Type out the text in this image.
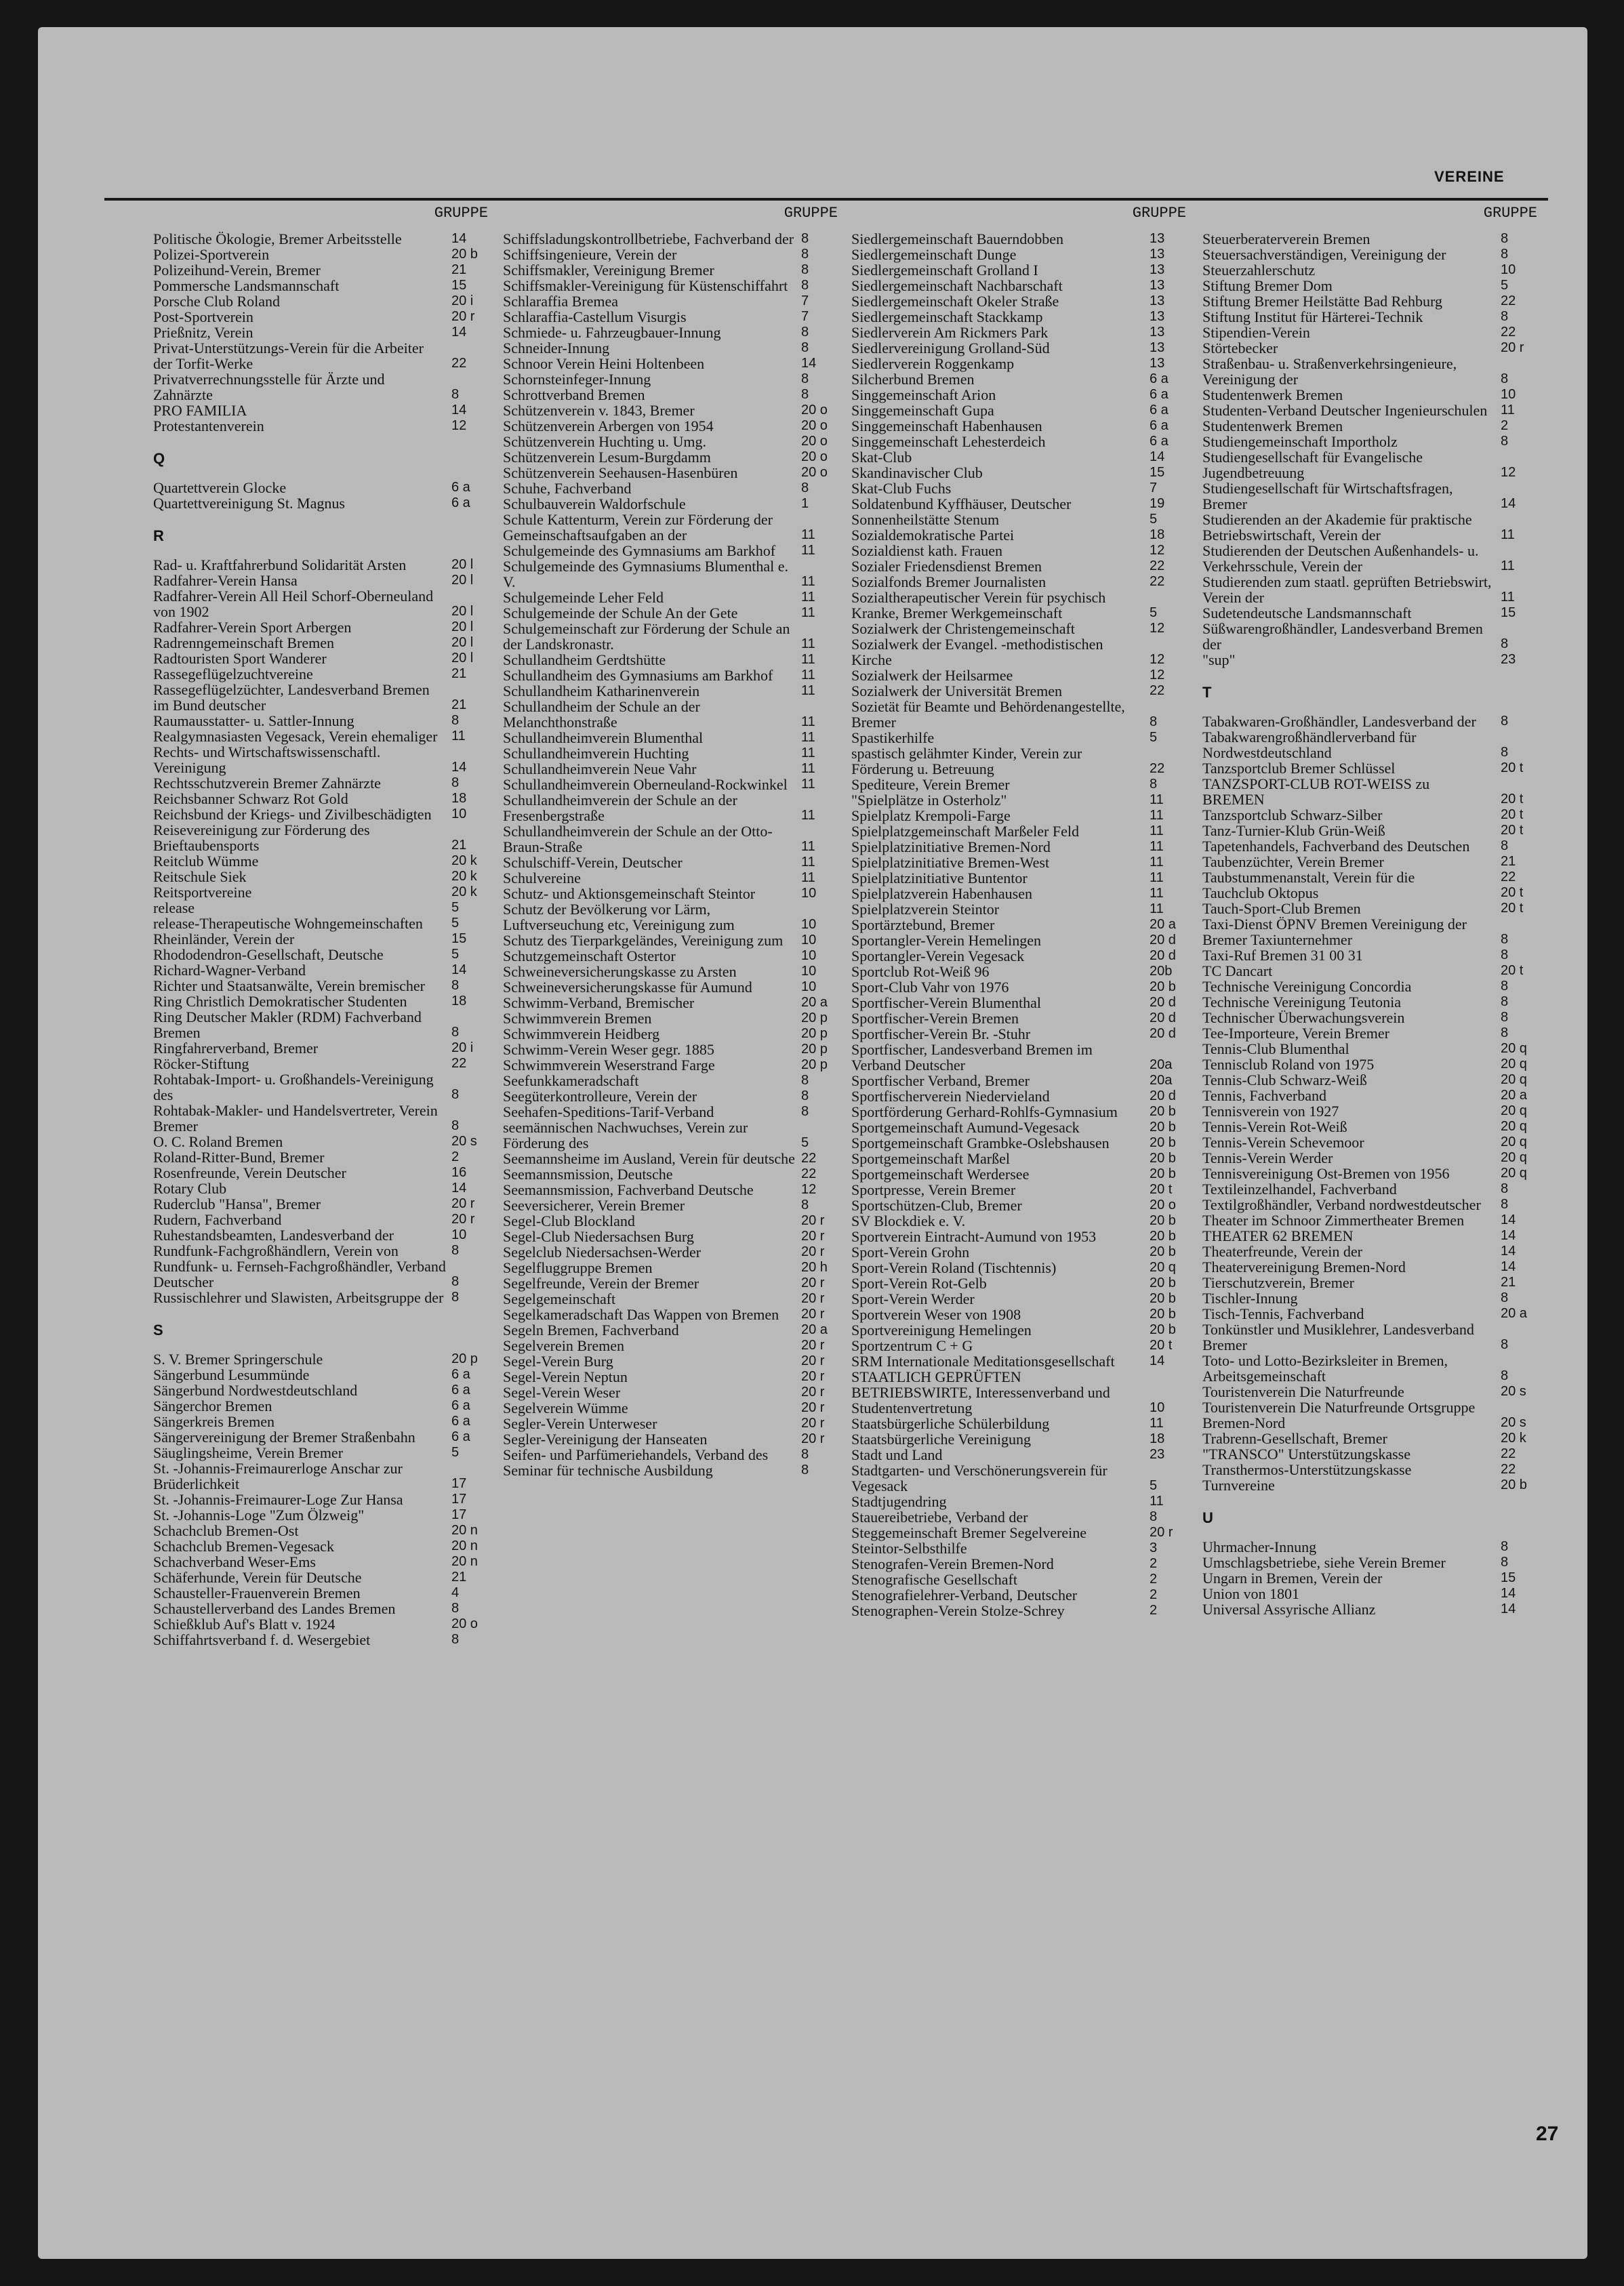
VEREINE
GRUPPE
Politische Ökologie, Bremer Arbeitsstelle	14
Polizei-Sportverein	20 b
Polizeihund-Verein, Bremer	21
Pommersche Landsmannschaft	15
Porsche Club Roland	20 i
Post-Sportverein	20 r
Prießnitz, Verein	14
Privat-Unterstützungs-Verein für die Arbeiter der Torfit-Werke	22
Privatverrechnungsstelle für Ärzte und Zahnärzte	8
PRO FAMILIA	14
Protestantenverein	12
Q
Quartettverein Glocke	6 a
Quartettvereinigung St. Magnus	6 a
R
Rad- u. Kraftfahrerbund Solidarität Arsten	20 l
Radfahrer-Verein Hansa	20 l
Radfahrer-Verein All Heil Schorf-Oberneuland von 1902	20 l
Radfahrer-Verein Sport Arbergen	20 l
Radrenngemeinschaft Bremen	20 l
Radtouristen Sport Wanderer	20 l
Rassegeflügelzuchtvereine	21
Rassegeflügelzüchter, Landesverband Bremen im Bund deutscher	21
Raumausstatter- u. Sattler-Innung	8
Realgymnasiasten Vegesack, Verein ehemaliger	11
Rechts- und Wirtschaftswissenschaftl. Vereinigung	14
Rechtsschutzverein Bremer Zahnärzte	8
Reichsbanner Schwarz Rot Gold	18
Reichsbund der Kriegs- und Zivilbeschädigten	10
Reisevereinigung zur Förderung des Brieftaubensports	21
Reitclub Wümme	20 k
Reitschule Siek	20 k
Reitsportvereine	20 k
release	5
release-Therapeutische Wohngemeinschaften	5
Rheinländer, Verein der	15
Rhododendron-Gesellschaft, Deutsche	5
Richard-Wagner-Verband	14
Richter und Staatsanwälte, Verein bremischer	8
Ring Christlich Demokratischer Studenten	18
Ring Deutscher Makler (RDM) Fachverband Bremen	8
Ringfahrerverband, Bremer	20 i
Röcker-Stiftung	22
Rohtabak-Import- u. Großhandels-Vereinigung des	8
Rohtabak-Makler- und Handelsvertreter, Verein Bremer	8
O. C. Roland Bremen	20 s
Roland-Ritter-Bund, Bremer	2
Rosenfreunde, Verein Deutscher	16
Rotary Club	14
Ruderclub "Hansa", Bremer	20 r
Rudern, Fachverband	20 r
Ruhestandsbeamten, Landesverband der	10
Rundfunk-Fachgroßhändlern, Verein von	8
Rundfunk- u. Fernseh-Fachgroßhändler, Verband Deutscher	8
Russischlehrer und Slawisten, Arbeitsgruppe der 8
S
S. V. Bremer Springerschule	20 p
Sängerbund Lesummünde	6 a
Sängerbund Nordwestdeutschland	6 a
Sängerchor Bremen	6 a
Sängerkreis Bremen	6 a
Sängervereinigung der Bremer Straßenbahn	6 a
Säuglingsheime, Verein Bremer	5
St. -Johannis-Freimaurerloge Anschar zur Brüderlichkeit	17
St. -Johannis-Freimaurer-Loge Zur Hansa	17
St. -Johannis-Loge "Zum Ölzweig"	17
Schachclub Bremen-Ost	20 n
Schachclub Bremen-Vegesack	20 n
Schachverband Weser-Ems	20 n
Schäferhunde, Verein für Deutsche	21
Schausteller-Frauenverein Bremen	4
Schaustellerverband des Landes Bremen	8
Schießklub Auf's Blatt v. 1924	20 o
Schiffahrtsverband f. d. Wesergebiet	8
GRUPPE
Schiffsladungskontrollbetriebe, Fachverband der 8
Schiffsingenieure, Verein der	8
Schiffsmakler, Vereinigung Bremer	8
Schiffsmakler-Vereinigung für Küstenschiffahrt 8
Schlaraffia Bremea	7
Schlaraffia-Castellum Visurgis	7
Schmiede- u. Fahrzeugbauer-Innung	8
Schneider-Innung	8
Schnoor Verein Heini Holtenbeen	14
Schornsteinfeger-Innung	8
Schrottverband Bremen	8
Schützenverein v. 1843, Bremer	20 o
Schützenverein Arbergen von 1954	20 o
Schützenverein Huchting u. Umg.	20 o
Schützenverein Lesum-Burgdamm	20 o
Schützenverein Seehausen-Hasenbüren	20 o
Schuhe, Fachverband	8
Schulbauverein Waldorfschule	1
Schule Kattenturm, Verein zur Förderung der Gemeinschaftsaufgaben an der	11
Schulgemeinde des Gymnasiums am Barkhof	11
Schulgemeinde des Gymnasiums Blumenthal e. V.	11
Schulgemeinde Leher Feld	11
Schulgemeinde der Schule An der Gete	11
Schulgemeinschaft zur Förderung der Schule an der Landskronastr.	11
Schullandheim Gerdtshütte	11
Schullandheim des Gymnasiums am Barkhof	11
Schullandheim Katharinenverein	11
Schullandheim der Schule an der Melanchthonstraße	11
Schullandheimverein Blumenthal	11
Schullandheimverein Huchting	11
Schullandheimverein Neue Vahr	11
Schullandheimverein Oberneuland-Rockwinkel	11
Schullandheimverein der Schule an der Fresenbergstraße	11
Schullandheimverein der Schule an der Otto-Braun-Straße	11
Schulschiff-Verein, Deutscher	11
Schulvereine	11
Schutz- und Aktionsgemeinschaft Steintor	10
Schutz der Bevölkerung vor Lärm, Luftverseuchung etc, Vereinigung zum	10
Schutz des Tierparkgeländes, Vereinigung zum	10
Schutzgemeinschaft Ostertor	10
Schweineversicherungskasse zu Arsten	10
Schweineversicherungskasse für Aumund	10
Schwimm-Verband, Bremischer	20 a
Schwimmverein Bremen	20 p
Schwimmverein Heidberg	20 p
Schwimm-Verein Weser gegr. 1885	20 p
Schwimmverein Weserstrand Farge	20 p
Seefunkkameradschaft	8
Seegüterkontrolleure, Verein der	8
Seehafen-Speditions-Tarif-Verband	8
seemännischen Nachwuchses, Verein zur Förderung des	5
Seemannsheime im Ausland, Verein für deutsche 22
Seemannsmission, Deutsche	22
Seemannsmission, Fachverband Deutsche	12
Seeversicherer, Verein Bremer	8
Segel-Club Blockland	20 r
Segel-Club Niedersachsen Burg	20 r
Segelclub Niedersachsen-Werder	20 r
Segelfluggruppe Bremen	20 h
Segelfreunde, Verein der Bremer	20 r
Segelgemeinschaft	20 r
Segelkameradschaft Das Wappen von Bremen	20 r
Segeln Bremen, Fachverband	20 a
Segelverein Bremen	20 r
Segel-Verein Burg	20 r
Segel-Verein Neptun	20 r
Segel-Verein Weser	20 r
Segelverein Wümme	20 r
Segler-Verein Unterweser	20 r
Segler-Vereinigung der Hanseaten	20 r
Seifen- und Parfümeriehandels, Verband des	8
Seminar für technische Ausbildung	8
GRUPPE
Siedlergemeinschaft Bauerndobben	13
Siedlergemeinschaft Dunge	13
Siedlergemeinschaft Grolland I	13
Siedlergemeinschaft Nachbarschaft	13
Siedlergemeinschaft Okeler Straße	13
Siedlergemeinschaft Stackkamp	13
Siedlerverein Am Rickmers Park	13
Siedlervereinigung Grolland-Süd	13
Siedlerverein Roggenkamp	13
Silcherbund Bremen	6 a
Singgemeinschaft Arion	6 a
Singgemeinschaft Gupa	6 a
Singgemeinschaft Habenhausen	6 a
Singgemeinschaft Lehesterdeich	6 a
Skat-Club	14
Skandinavischer Club	15
Skat-Club Fuchs	7
Soldatenbund Kyffhäuser, Deutscher	19
Sonnenheilstätte Stenum	5
Sozialdemokratische Partei	18
Sozialdienst kath. Frauen	12
Sozialer Friedensdienst Bremen	22
Sozialfonds Bremer Journalisten	22
Sozialtherapeutischer Verein für psychisch Kranke, Bremer Werkgemeinschaft	5
Sozialwerk der Christengemeinschaft	12
Sozialwerk der Evangel. -methodistischen Kirche	12
Sozialwerk der Heilsarmee	12
Sozialwerk der Universität Bremen	22
Sozietät für Beamte und Behördenangestellte, Bremer	8
Spastikerhilfe	5
spastisch gelähmter Kinder, Verein zur Förderung u. Betreuung	22
Spediteure, Verein Bremer	8
"Spielplätze in Osterholz"	11
Spielplatz Krempoli-Farge	11
Spielplatzgemeinschaft Marßeler Feld	11
Spielplatzinitiative Bremen-Nord	11
Spielplatzinitiative Bremen-West	11
Spielplatzinitiative Buntentor	11
Spielplatzverein Habenhausen	11
Spielplatzverein Steintor	11
Sportärztebund, Bremer	20 a
Sportangler-Verein Hemelingen	20 d
Sportangler-Verein Vegesack	20 d
Sportclub Rot-Weiß 96	20b
Sport-Club Vahr von 1976	20 b
Sportfischer-Verein Blumenthal	20 d
Sportfischer-Verein Bremen	20 d
Sportfischer-Verein Br. -Stuhr	20 d
Sportfischer, Landesverband Bremen im Verband Deutscher	20a
Sportfischer Verband, Bremer	20a
Sportfischerverein Niedervieland	20 d
Sportförderung Gerhard-Rohlfs-Gymnasium	20 b
Sportgemeinschaft Aumund-Vegesack	20 b
Sportgemeinschaft Grambke-Oslebshausen	20 b
Sportgemeinschaft Marßel	20 b
Sportgemeinschaft Werdersee	20 b
Sportpresse, Verein Bremer	20 t
Sportschützen-Club, Bremer	20 o
SV Blockdiek e. V.	20 b
Sportverein Eintracht-Aumund von 1953	20 b
Sport-Verein Grohn	20 b
Sport-Verein Roland (Tischtennis)	20 q
Sport-Verein Rot-Gelb	20 b
Sport-Verein Werder	20 b
Sportverein Weser von 1908	20 b
Sportvereinigung Hemelingen	20 b
Sportzentrum C + G	20 t
SRM Internationale Meditationsgesellschaft	14
STAATLICH GEPRÜFTEN BETRIEBSWIRTE, Interessenverband und Studentenvertretung	10
Staatsbürgerliche Schülerbildung	11
Staatsbürgerliche Vereinigung	18
Stadt und Land	23
Stadtgarten- und Verschönerungsverein für Vegesack	5
Stadtjugendring	11
Stauereibetriebe, Verband der	8
Steggemeinschaft Bremer Segelvereine	20 r
Steintor-Selbsthilfe	3
Stenografen-Verein Bremen-Nord	2
Stenografische Gesellschaft	2
Stenografielehrer-Verband, Deutscher	2
Stenographen-Verein Stolze-Schrey	2
GRUPPE
Steuerberaterverein Bremen	8
Steuersachverständigen, Vereinigung der	8
Steuerzahlerschutz	10
Stiftung Bremer Dom	5
Stiftung Bremer Heilstätte Bad Rehburg	22
Stiftung Institut für Härterei-Technik	8
Stipendien-Verein	22
Störtebecker	20 r
Straßenbau- u. Straßenverkehrsingenieure, Vereinigung der	8
Studentenwerk Bremen	10
Studenten-Verband Deutscher Ingenieurschulen 11
Studentenwerk Bremen	2
Studiengemeinschaft Importholz	8
Studiengesellschaft für Evangelische Jugendbetreuung	12
Studiengesellschaft für Wirtschaftsfragen, Bremer	14
Studierenden an der Akademie für praktische Betriebswirtschaft, Verein der	11
Studierenden der Deutschen Außenhandels- u. Verkehrsschule, Verein der	11
Studierenden zum staatl. geprüften Betriebswirt, Verein der	11
Sudetendeutsche Landsmannschaft	15
Süßwarengroßhändler, Landesverband Bremen der	8
"sup"	23
T
Tabakwaren-Großhändler, Landesverband der	8
Tabakwarengroßhändlerverband für Nordwestdeutschland	8
Tanzsportclub Bremer Schlüssel	20 t
TANZSPORT-CLUB ROT-WEISS zu BREMEN	20 t
Tanzsportclub Schwarz-Silber	20 t
Tanz-Turnier-Klub Grün-Weiß	20 t
Tapetenhandels, Fachverband des Deutschen	8
Taubenzüchter, Verein Bremer	21
Taubstummenanstalt, Verein für die	22
Tauchclub Oktopus	20 t
Tauch-Sport-Club Bremen	20 t
Taxi-Dienst ÖPNV Bremen Vereinigung der Bremer Taxiunternehmer	8
Taxi-Ruf Bremen 31 00 31	8
TC Dancart	20 t
Technische Vereinigung Concordia	8
Technische Vereinigung Teutonia	8
Technischer Überwachungsverein	8
Tee-Importeure, Verein Bremer	8
Tennis-Club Blumenthal	20 q
Tennisclub Roland von 1975	20 q
Tennis-Club Schwarz-Weiß	20 q
Tennis, Fachverband	20 a
Tennisverein von 1927	20 q
Tennis-Verein Rot-Weiß	20 q
Tennis-Verein Schevemoor	20 q
Tennis-Verein Werder	20 q
Tennisvereinigung Ost-Bremen von 1956	20 q
Textileinzelhandel, Fachverband	8
Textilgroßhändler, Verband nordwestdeutscher	8
Theater im Schnoor Zimmertheater Bremen	14
THEATER 62 BREMEN	14
Theaterfreunde, Verein der	14
Theatervereinigung Bremen-Nord	14
Tierschutzverein, Bremer	21
Tischler-Innung	8
Tisch-Tennis, Fachverband	20 a
Tonkünstler und Musiklehrer, Landesverband Bremer	8
Toto- und Lotto-Bezirksleiter in Bremen, Arbeitsgemeinschaft	8
Touristenverein Die Naturfreunde	20 s
Touristenverein Die Naturfreunde Ortsgruppe Bremen-Nord	20 s
Trabrenn-Gesellschaft, Bremer	20 k
"TRANSCO" Unterstützungskasse	22
Transthermos-Unterstützungskasse	22
Turnvereine	20 b
U
Uhrmacher-Innung	8
Umschlagsbetriebe, siehe Verein Bremer	8
Ungarn in Bremen, Verein der	15
Union von 1801	14
Universal Assyrische Allianz	14
27
